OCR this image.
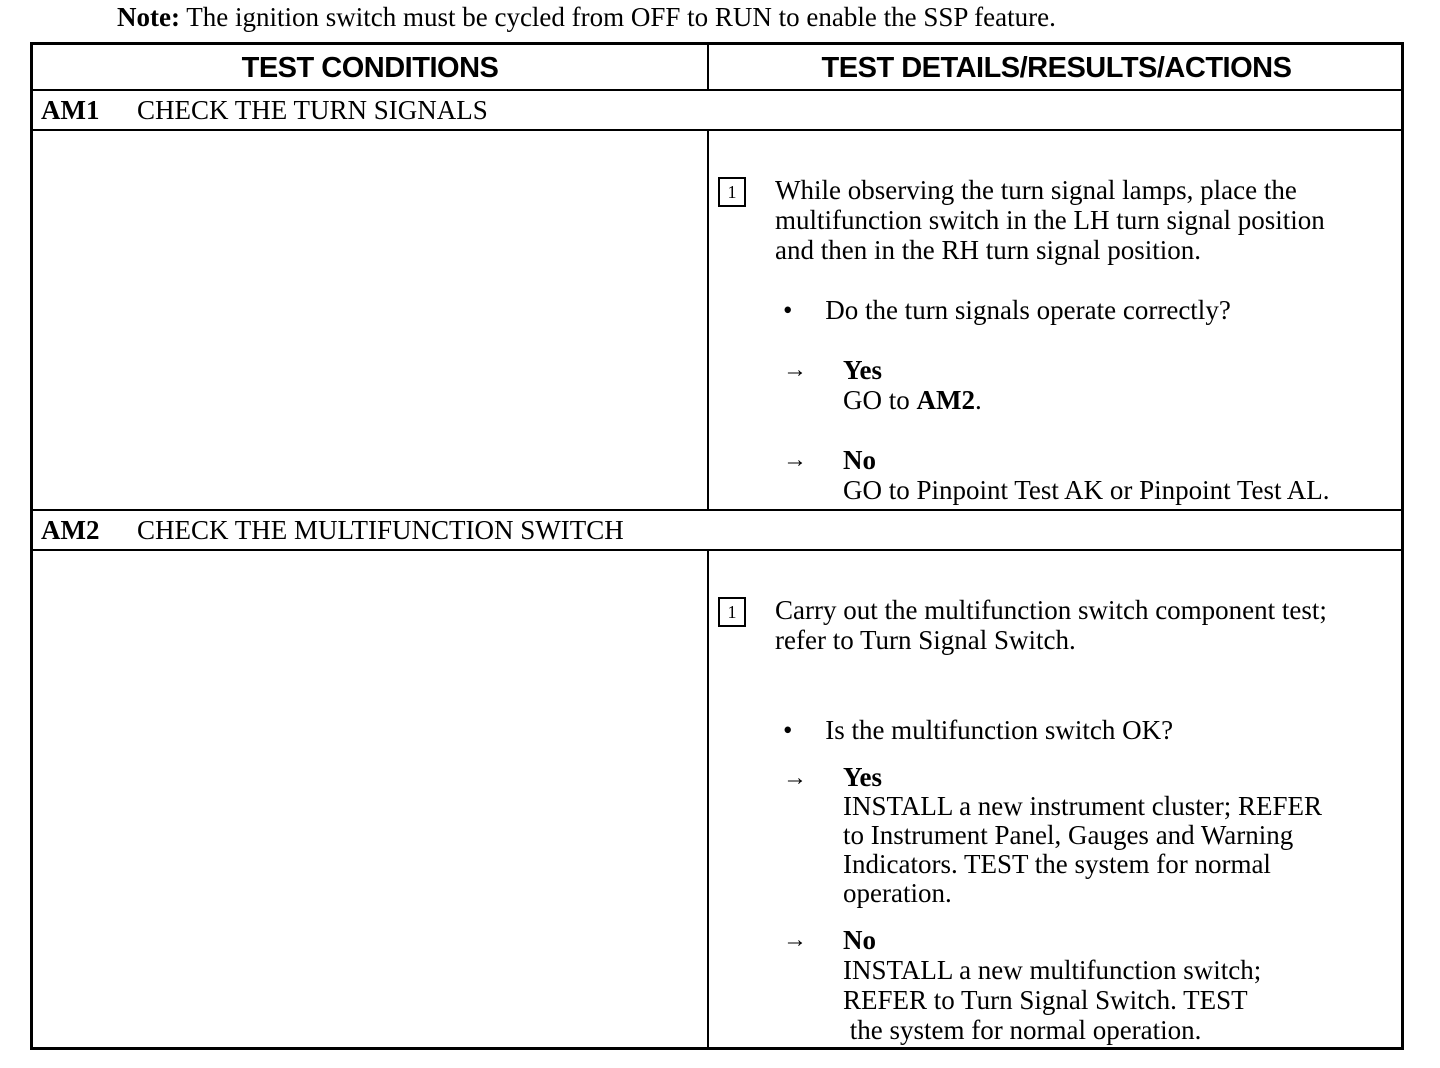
Note: The ignition switch must be cycled from OFF to RUN to enable the SSP feature.
TEST CONDITIONS	TEST DETAILS/RESULTS/ACTIONS
AM1 CHECK THE TURN SIGNALS
1	While observing the turn signal lamps, place the
multifunction switch in the LH turn signal position
and then in the RH turn signal position.
• Do the turn signals operate correctly?
→ Yes
GO to AM2.
→ No
GO to Pinpoint Test AK or Pinpoint Test AL.
AM2 CHECK THE MULTIFUNCTION SWITCH
1	Carry out the multifunction switch component test;
refer to Turn Signal Switch.
• Is the multifunction switch OK?
→ Yes
INSTALL a new instrument cluster; REFER
to Instrument Panel, Gauges and Warning
Indicators. TEST the system for normal
operation.
→ No
INSTALL a new multifunction switch;
REFER to Turn Signal Switch. TEST
the system for normal operation.
